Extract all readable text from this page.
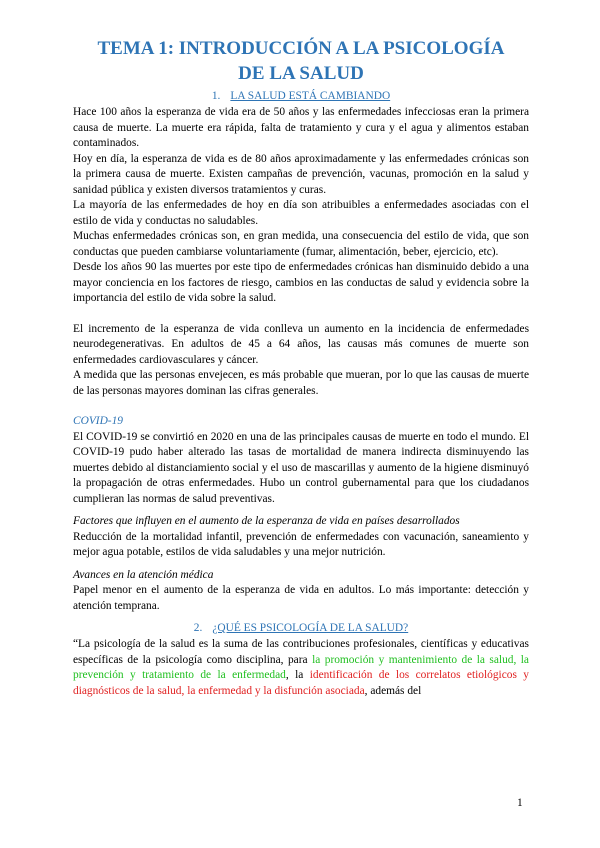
TEMA 1: INTRODUCCIÓN A LA PSICOLOGÍA
DE LA SALUD
1. LA SALUD ESTÁ CAMBIANDO

Hace 100 años la esperanza de vida era de 50 años y las enfermedades infecciosas eran la primera causa de muerte. La muerte era rápida, falta de tratamiento y cura y el agua y alimentos estaban contaminados.

Hoy en día, la esperanza de vida es de 80 años aproximadamente y las enfermedades crónicas son la primera causa de muerte. Existen campañas de prevención, vacunas, promoción en la salud y sanidad pública y existen diversos tratamientos y curas.

La mayoría de las enfermedades de hoy en día son atribuibles a enfermedades asociadas con el estilo de vida y conductas no saludables.

Muchas enfermedades crónicas son, en gran medida, una consecuencia del estilo de vida, que son conductas que pueden cambiarse voluntariamente (fumar, alimentación, beber, ejercicio, etc).

Desde los años 90 las muertes por este tipo de enfermedades crónicas han disminuido debido a una mayor conciencia en los factores de riesgo, cambios en las conductas de salud y evidencia sobre la importancia del estilo de vida sobre la salud.

El incremento de la esperanza de vida conlleva un aumento en la incidencia de enfermedades neurodegenerativas. En adultos de 45 a 64 años, las causas más comunes de muerte son enfermedades cardiovasculares y cáncer.

A medida que las personas envejecen, es más probable que mueran, por lo que las causas de muerte de las personas mayores dominan las cifras generales.

COVID-19

El COVID-19 se convirtió en 2020 en una de las principales causas de muerte en todo el mundo. El COVID-19 pudo haber alterado las tasas de mortalidad de manera indirecta disminuyendo las muertes debido al distanciamiento social y el uso de mascarillas y aumento de la higiene disminuyó la propagación de otras enfermedades. Hubo un control gubernamental para que los ciudadanos cumplieran las normas de salud preventivas.

Factores que influyen en el aumento de la esperanza de vida en países desarrollados

Reducción de la mortalidad infantil, prevención de enfermedades con vacunación, saneamiento y mejor agua potable, estilos de vida saludables y una mejor nutrición.

Avances en la atención médica

Papel menor en el aumento de la esperanza de vida en adultos. Lo más importante: detección y atención temprana.

2. ¿QUÉ ES PSICOLOGÍA DE LA SALUD?

“La psicología de la salud es la suma de las contribuciones profesionales, científicas y educativas específicas de la psicología como disciplina, para la promoción y mantenimiento de la salud, la prevención y tratamiento de la enfermedad, la identificación de los correlatos etiológicos y diagnósticos de la salud, la enfermedad y la disfunción asociada, además del

1
